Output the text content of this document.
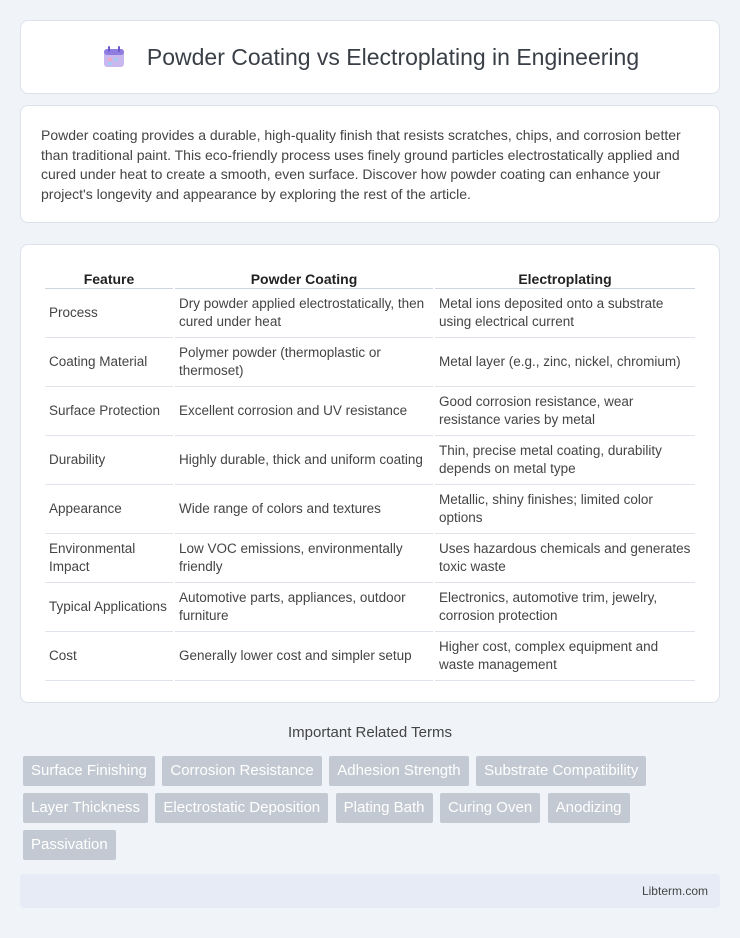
Powder Coating vs Electroplating in Engineering

Powder coating provides a durable, high-quality finish that resists scratches, chips, and corrosion better than traditional paint. This eco-friendly process uses finely ground particles electrostatically applied and cured under heat to create a smooth, even surface. Discover how powder coating can enhance your project's longevity and appearance by exploring the rest of the article.

Feature	Powder Coating	Electroplating
Process	Dry powder applied electrostatically, then cured under heat	Metal ions deposited onto a substrate using electrical current
Coating Material	Polymer powder (thermoplastic or thermoset)	Metal layer (e.g., zinc, nickel, chromium)
Surface Protection	Excellent corrosion and UV resistance	Good corrosion resistance, wear resistance varies by metal
Durability	Highly durable, thick and uniform coating	Thin, precise metal coating, durability depends on metal type
Appearance	Wide range of colors and textures	Metallic, shiny finishes; limited color options
Environmental Impact	Low VOC emissions, environmentally friendly	Uses hazardous chemicals and generates toxic waste
Typical Applications	Automotive parts, appliances, outdoor furniture	Electronics, automotive trim, jewelry, corrosion protection
Cost	Generally lower cost and simpler setup	Higher cost, complex equipment and waste management
Important Related Terms
Surface Finishing Corrosion Resistance Adhesion Strength Substrate Compatibility Layer Thickness Electrostatic Deposition Plating Bath Curing Oven Anodizing Passivation
Libterm.com
